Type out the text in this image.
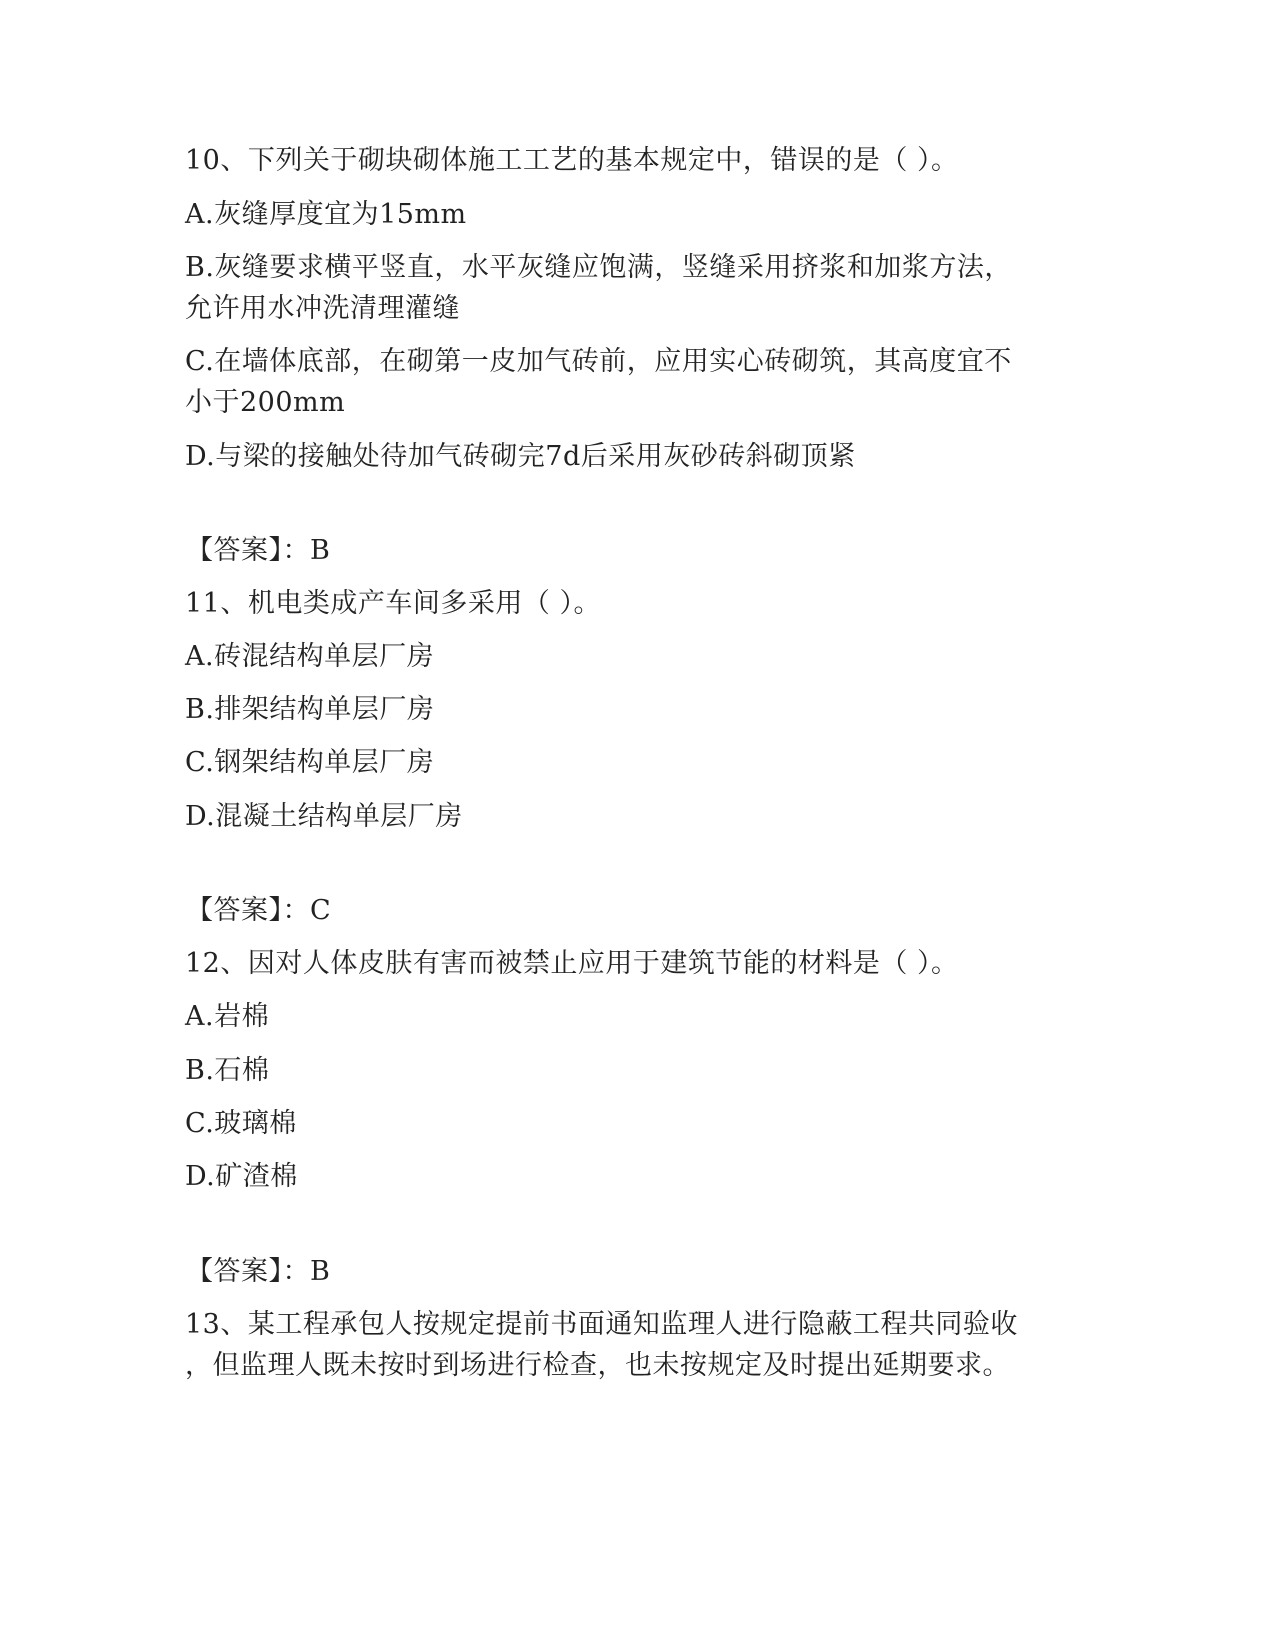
10、下列关于砌块砌体施工工艺的基本规定中，错误的是（ ）。
A.灰缝厚度宜为15mm
B.灰缝要求横平竖直，水平灰缝应饱满，竖缝采用挤浆和加浆方法，
允许用水冲洗清理灌缝
C.在墙体底部，在砌第一皮加气砖前，应用实心砖砌筑，其高度宜不
小于200mm
D.与梁的接触处待加气砖砌完7d后采用灰砂砖斜砌顶紧
【答案】：B
11、机电类成产车间多采用（ ）。
A.砖混结构单层厂房
B.排架结构单层厂房
C.钢架结构单层厂房
D.混凝土结构单层厂房
【答案】：C
12、因对人体皮肤有害而被禁止应用于建筑节能的材料是（ ）。
A.岩棉
B.石棉
C.玻璃棉
D.矿渣棉
【答案】：B
13、某工程承包人按规定提前书面通知监理人进行隐蔽工程共同验收
，但监理人既未按时到场进行检查，也未按规定及时提出延期要求。
